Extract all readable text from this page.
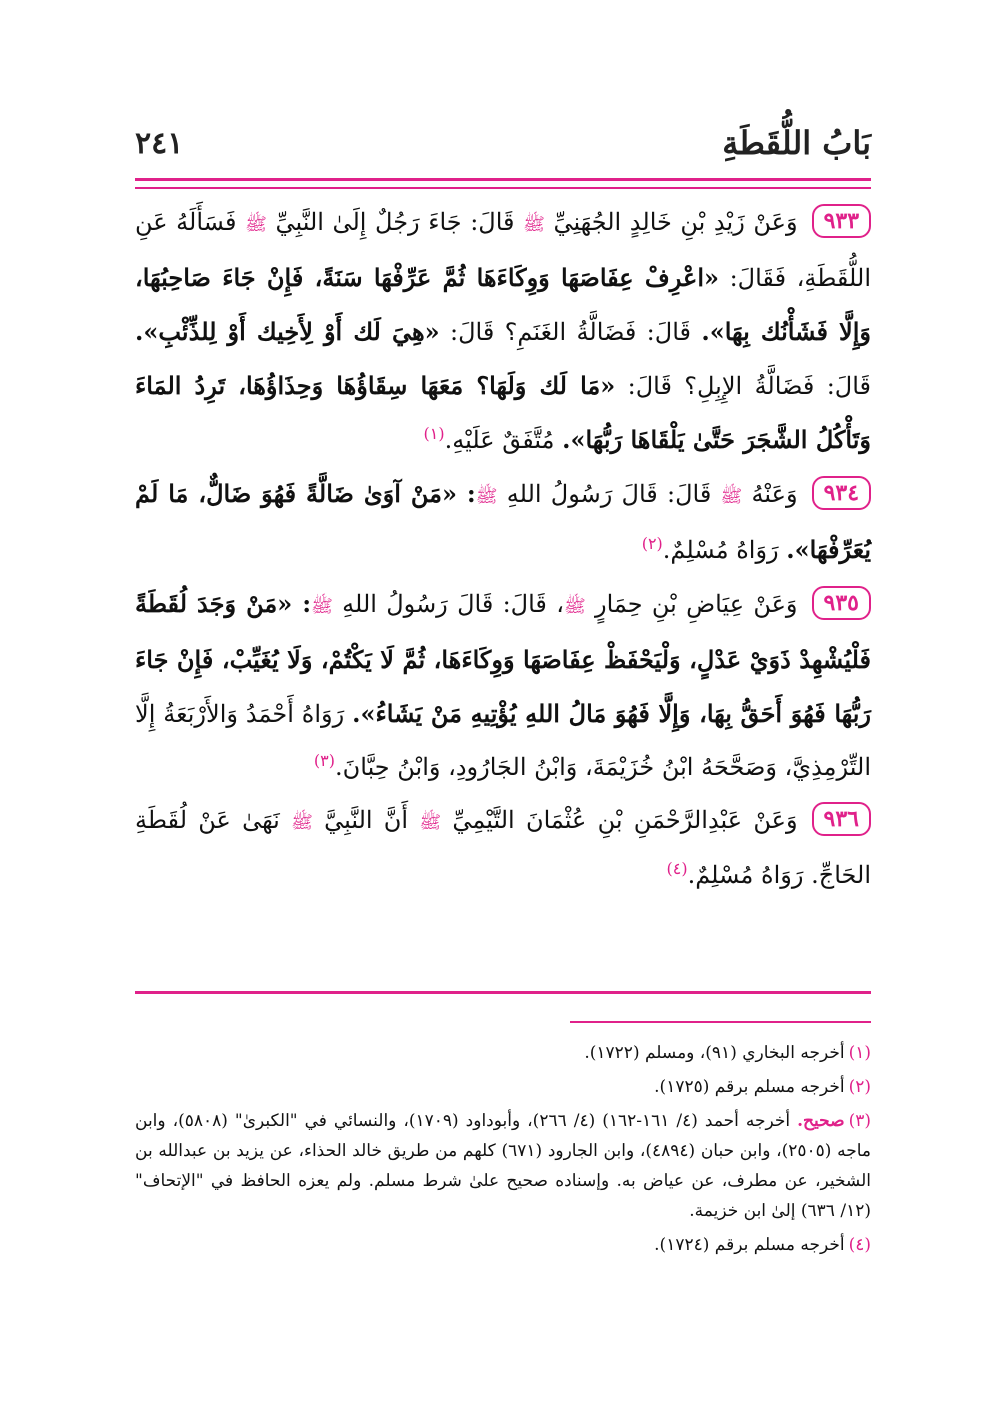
٢٤١	بَابُ اللُّقَطَةِ

٩٣٣وَعَنْ زَيْدِ بْنِ خَالِدٍ الجُهَنِيِّ ﷺ قَالَ: جَاءَ رَجُلٌ إِلَىٰ النَّبِيِّ ﷺ فَسَأَلَهُ عَنِ اللُّقَطَةِ، فَقَالَ: «اعْرِفْ عِفَاصَهَا وَوِكَاءَهَا ثُمَّ عَرِّفْهَا سَنَةً، فَإِنْ جَاءَ صَاحِبُهَا، وَإِلَّا فَشَأْنُك بِهَا». قَالَ: فَضَالَّةُ الغَنَمِ؟ قَالَ: «هِيَ لَك أَوْ لِأَخِيك أَوْ لِلذِّئْبِ». قَالَ: فَضَالَّةُ الإِبِلِ؟ قَالَ: «مَا لَك وَلَهَا؟ مَعَهَا سِقَاؤُهَا وَحِذَاؤُهَا، تَرِدُ المَاءَ وَتَأْكُلُ الشَّجَرَ حَتَّىٰ يَلْقَاهَا رَبُّهَا». مُتَّفَقٌ عَلَيْهِ.$^{(١)}$

٩٣٤وَعَنْهُ ﷺ قَالَ: قَالَ رَسُولُ اللهِ ﷺ: «مَنْ آوَىٰ ضَالَّةً فَهُوَ ضَالٌّ، مَا لَمْ يُعَرِّفْهَا». رَوَاهُ مُسْلِمٌ.$^{(٢)}$

٩٣٥وَعَنْ عِيَاضِ بْنِ حِمَارٍ ﷺ، قَالَ: قَالَ رَسُولُ اللهِ ﷺ: «مَنْ وَجَدَ لُقَطَةً فَلْيُشْهِدْ ذَوَيْ عَدْلٍ، وَلْيَحْفَظْ عِفَاصَهَا وَوِكَاءَهَا، ثُمَّ لَا يَكْتُمْ، وَلَا يُغَيِّبْ، فَإِنْ جَاءَ رَبُّهَا فَهُوَ أَحَقُّ بِهَا، وَإِلَّا فَهُوَ مَالُ اللهِ يُؤْتِيهِ مَنْ يَشَاءُ». رَوَاهُ أَحْمَدُ وَالأَرْبَعَةُ إِلَّا التِّرْمِذِيَّ، وَصَحَّحَهُ ابْنُ خُزَيْمَةَ، وَابْنُ الجَارُودِ، وَابْنُ حِبَّانَ.$^{(٣)}$

٩٣٦وَعَنْ عَبْدِالرَّحْمَنِ بْنِ عُثْمَانَ التَّيْمِيِّ ﷺ أَنَّ النَّبِيَّ ﷺ نَهَىٰ عَنْ لُقَطَةِ الحَاجِّ. رَوَاهُ مُسْلِمٌ.$^{(٤)}$

(١)أخرجه البخاري (٩١)، ومسلم (١٧٢٢).

(٢)أخرجه مسلم برقم (١٧٢٥).

(٣)صحيح. أخرجه أحمد (٤/ ١٦١-١٦٢) (٤/ ٢٦٦)، وأبوداود (١٧٠٩)، والنسائي في "الكبرىٰ" (٥٨٠٨)، وابن ماجه (٢٥٠٥)، وابن حبان (٤٨٩٤)، وابن الجارود (٦٧١) كلهم من طريق خالد الحذاء، عن يزيد بن عبدالله بن الشخير، عن مطرف، عن عياض به. وإسناده صحيح علىٰ شرط مسلم. ولم يعزه الحافظ في "الإتحاف" (١٢/ ٦٣٦) إلىٰ ابن خزيمة.

(٤)أخرجه مسلم برقم (١٧٢٤).
